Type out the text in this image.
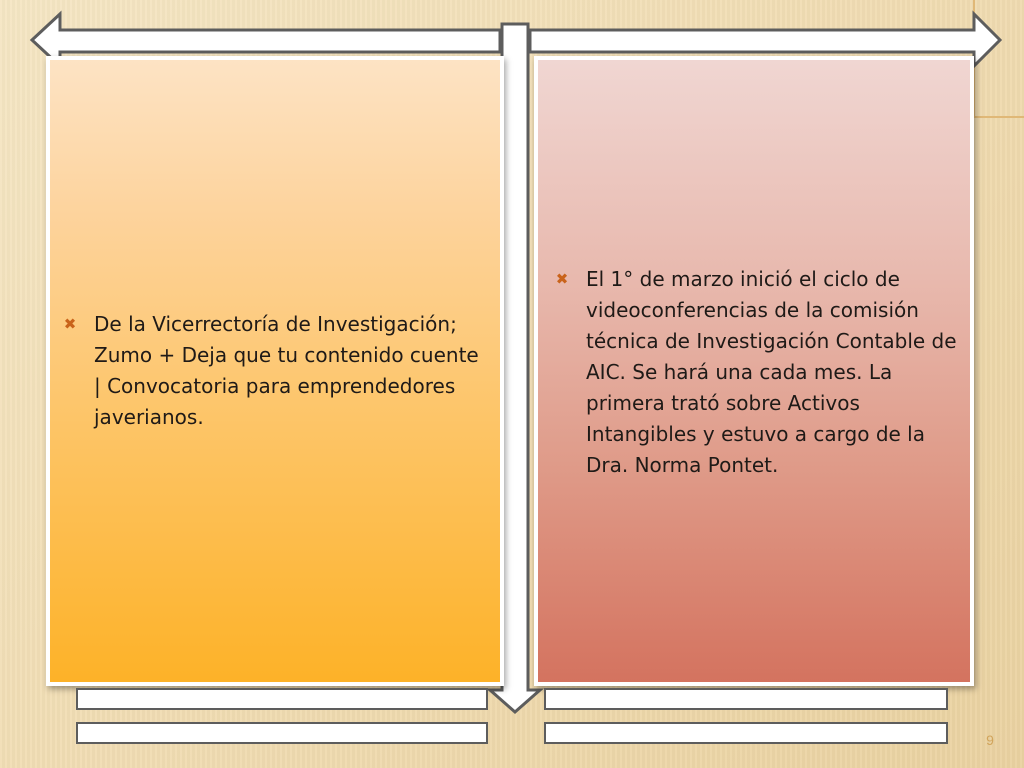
✖ De la Vicerrectoría de Investigación; Zumo + Deja que tu contenido cuente | Convocatoria para emprendedores javerianos.
✖ El 1° de marzo inició el ciclo de videoconferencias de la comisión técnica de Investigación Contable de AIC. Se hará una cada mes. La primera trató sobre Activos Intangibles y estuvo a cargo de la Dra. Norma Pontet.
9
